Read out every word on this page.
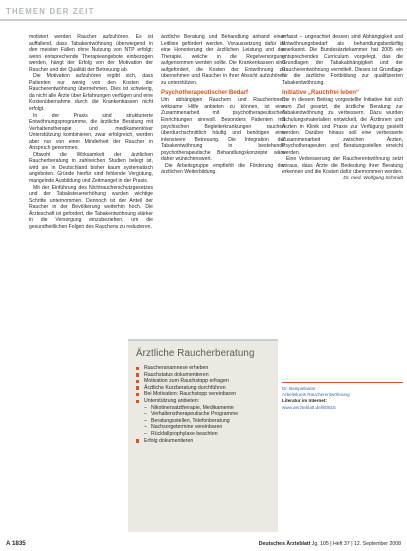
THEMEN DER ZEIT

motiviert werden Raucher aufzuhören. Es ist auffallend, dass Tabakentwöhnung überwiegend in den meisten Fällen ohne Nutzung von NTP erfolgt; wenn entsprechende Therapieangebote einbezogen werden, hängt der Erfolg von der Motivation der Raucher und der Qualität der Betreuung ab.

Die Motivation aufzuhören ergibt sich, dass Patienten nur wenig von den Kosten der Raucherentwöhnung übernehmen. Dies ist schwierig, da nicht alle Ärzte über Erfahrungen verfügen und eine Kostenübernahme durch die Krankenkassen nicht erfolgt.

In der Praxis sind strukturierte Entwöhnungsprogramme, die ärztliche Beratung mit Verhaltenstherapie und medikamentöser Unterstützung kombinieren, zwar erfolgreich, werden aber nur von einer Minderheit der Raucher in Anspruch genommen.

Obwohl die Wirksamkeit der ärztlichen Raucherberatung in zahlreichen Studien belegt ist, wird sie in Deutschland bisher kaum systematisch angeboten. Gründe hierfür sind fehlende Vergütung, mangelnde Ausbildung und Zeitmangel in der Praxis.

Mit der Einführung des Nichtraucherschutzgesetzes und der Tabaksteuererhöhung wurden wichtige Schritte unternommen. Dennoch ist der Anteil der Raucher in der Bevölkerung weiterhin hoch. Die Ärzteschaft ist gefordert, die Tabakentwöhnung stärker in die Versorgung einzubeziehen, um die gesundheitlichen Folgen des Rauchens zu reduzieren.

ärztliche Beratung und Behandlung anhand einer Leitlinie gefördert werden. Voraussetzung dafür ist eine Honorierung der ärztlichen Leistung und der Therapie, welche in die Regelversorgung aufgenommen werden sollte. Die Krankenkassen sind aufgefordert, die Kosten der Entwöhnung zu übernehmen und Raucher in ihrer Absicht aufzuhören zu unterstützen.

Psychotherapeutischer Bedarf

Um abhängigen Rauchern und Raucherinnen wirksame Hilfe anbieten zu können, ist eine Zusammenarbeit mit psychotherapeutischen Einrichtungen sinnvoll. Besonders Patienten mit psychischen Begleiterkrankungen rauchen überdurchschnittlich häufig und benötigen eine intensivere Betreuung. Die Integration der Tabakentwöhnung in bestehende psychotherapeutische Behandlungskonzepte wäre daher wünschenswert.

Die Arbeitsgruppe empfiehlt die Förderung der ärztlichen Weiterbildung.

erfasst – ungeachtet dessen sind Abhängigkeit und Entwöhnungsbedarf als behandlungsbedürftig anerkannt. Die Bundesärztekammer hat 2005 ein entsprechendes Curriculum vorgelegt, das die Grundlagen der Tabakabhängigkeit und der Raucherentwöhnung vermittelt. Dieses ist Grundlage für die ärztliche Fortbildung zur qualifizierten Tabakentwöhnung.

Initiative „Rauchfrei leben“

Die in diesem Beitrag vorgestellte Initiative hat sich zum Ziel gesetzt, die ärztliche Beratung zur Tabakentwöhnung zu verbessern. Dazu wurden Schulungsmaterialien entwickelt, die Ärztinnen und Ärzten in Klinik und Praxis zur Verfügung gestellt werden. Darüber hinaus soll eine verbesserte Zusammenarbeit zwischen Ärzten, Psychotherapeuten und Beratungsstellen erreicht werden.

Eine Verbesserung der Raucherentwöhnung setzt voraus, dass Ärzte die Bedeutung ihrer Beratung erkennen und die Kosten dafür übernommen werden.

Dr. med. Wolfgang Schmidt

Dr. Beispielautor
Arbeitskreis Raucherentwöhnung
Literatur im Internet:
www.aerzteblatt.de/lit0815
Ärztliche Raucherberatung
Raucheranamnese erheben
Rauchstatus dokumentieren
Motivation zum Rauchstopp erfragen
Ärztliche Kurzberatung durchführen
Bei Motivation: Rauchstopp vereinbaren
Unterstützung anbieten:
– Nikotinersatztherapie, Medikamente
– Verhaltenstherapeutische Programme
– Beratungsstellen, Telefonberatung
– Nachsorgetermine vereinbaren
– Rückfallprophylaxe beachten
Erfolg dokumentieren
A 1835	Deutsches Ärzteblatt Jg. 105 | Heft 37 | 12. September 2008
